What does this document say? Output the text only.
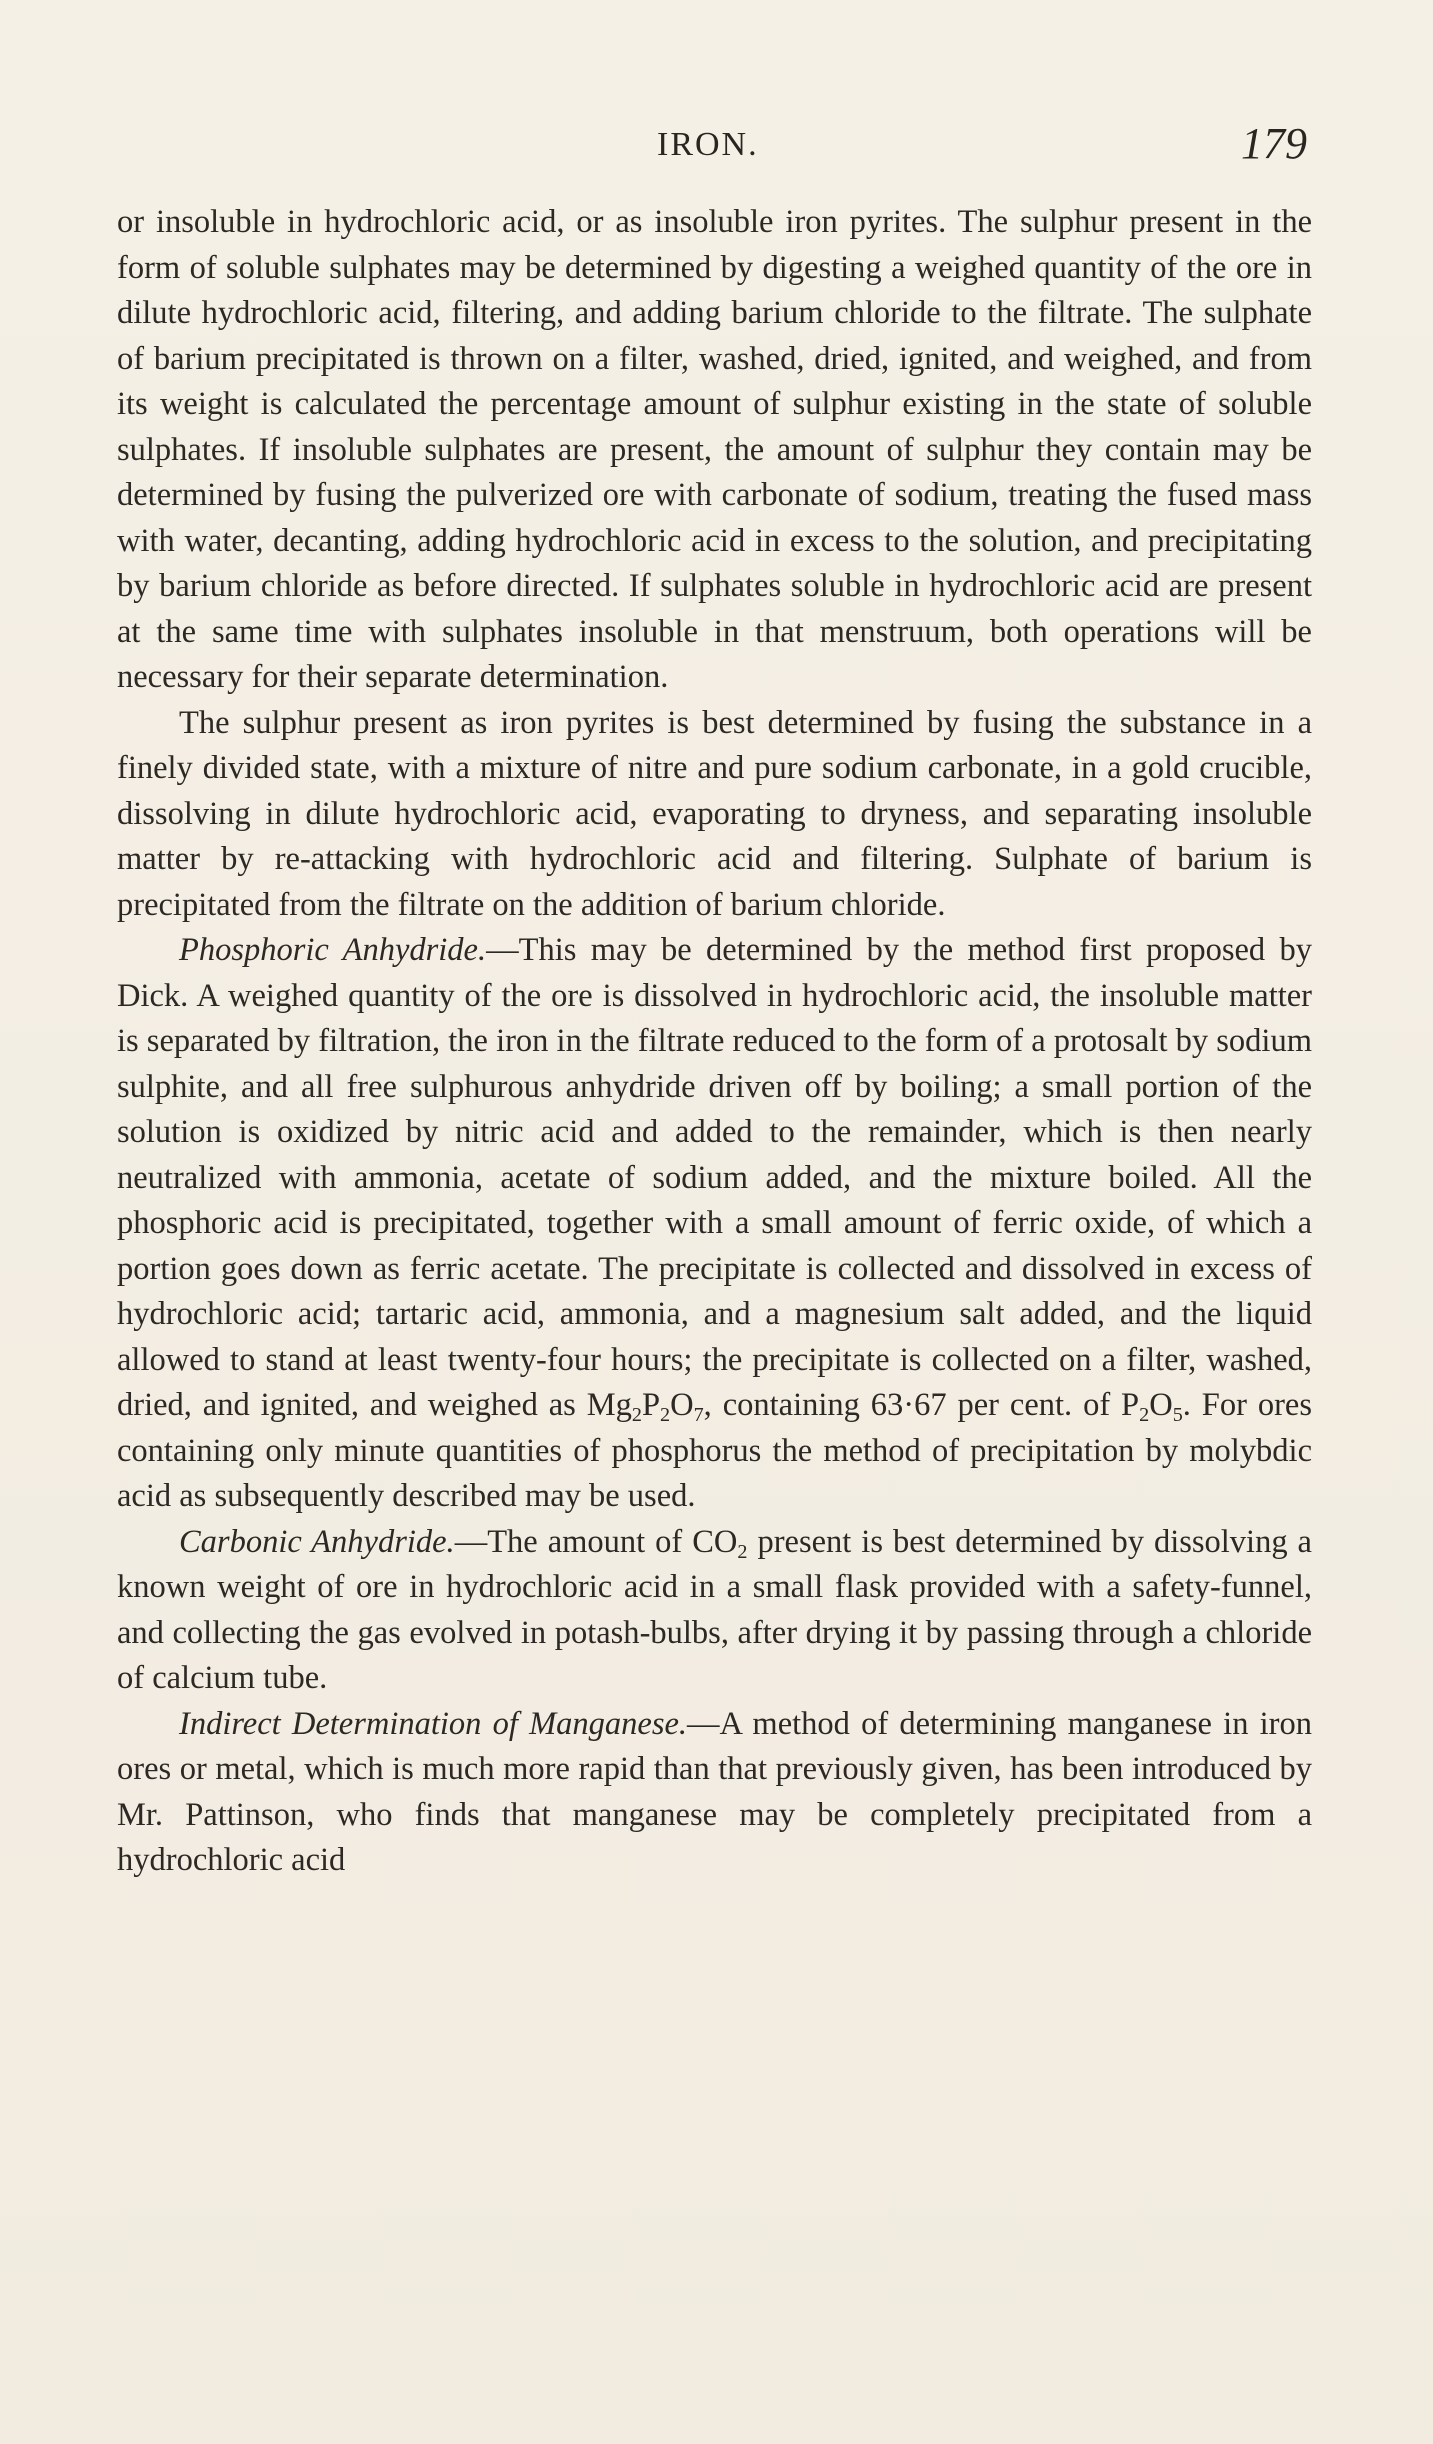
IRON.	179

or insoluble in hydrochloric acid, or as insoluble iron pyrites. The sulphur present in the form of soluble sulphates may be determined by digesting a weighed quantity of the ore in dilute hydrochloric acid, filtering, and adding barium chloride to the filtrate. The sulphate of barium precipitated is thrown on a filter, washed, dried, ignited, and weighed, and from its weight is calculated the percentage amount of sulphur existing in the state of soluble sulphates. If insoluble sulphates are present, the amount of sulphur they contain may be determined by fusing the pulverized ore with carbonate of sodium, treating the fused mass with water, decanting, adding hydrochloric acid in excess to the solution, and precipitating by barium chloride as before directed. If sulphates soluble in hydrochloric acid are present at the same time with sulphates insoluble in that menstruum, both operations will be necessary for their separate determination.

The sulphur present as iron pyrites is best determined by fusing the substance in a finely divided state, with a mixture of nitre and pure sodium carbonate, in a gold crucible, dissolving in dilute hydrochloric acid, evaporating to dryness, and separating insoluble matter by re-attacking with hydrochloric acid and filtering. Sulphate of barium is precipitated from the filtrate on the addition of barium chloride.

Phosphoric Anhydride.—This may be determined by the method first proposed by Dick. A weighed quantity of the ore is dissolved in hydrochloric acid, the insoluble matter is separated by filtration, the iron in the filtrate reduced to the form of a protosalt by sodium sulphite, and all free sulphurous anhydride driven off by boiling; a small portion of the solution is oxidized by nitric acid and added to the remainder, which is then nearly neutralized with ammonia, acetate of sodium added, and the mixture boiled. All the phosphoric acid is precipitated, together with a small amount of ferric oxide, of which a portion goes down as ferric acetate. The precipitate is collected and dissolved in excess of hydrochloric acid; tartaric acid, ammonia, and a magnesium salt added, and the liquid allowed to stand at least twenty-four hours; the precipitate is collected on a filter, washed, dried, and ignited, and weighed as $Mg_2P_2O_7$, containing 63·67 per cent. of $P_2O_5$. For ores containing only minute quantities of phosphorus the method of precipitation by molybdic acid as subsequently described may be used.

Carbonic Anhydride.—The amount of $CO_2$ present is best determined by dissolving a known weight of ore in hydrochloric acid in a small flask provided with a safety-funnel, and collecting the gas evolved in potash-bulbs, after drying it by passing through a chloride of calcium tube.

Indirect Determination of Manganese.—A method of determining manganese in iron ores or metal, which is much more rapid than that previously given, has been introduced by Mr. Pattinson, who finds that manganese may be completely precipitated from a hydrochloric acid
